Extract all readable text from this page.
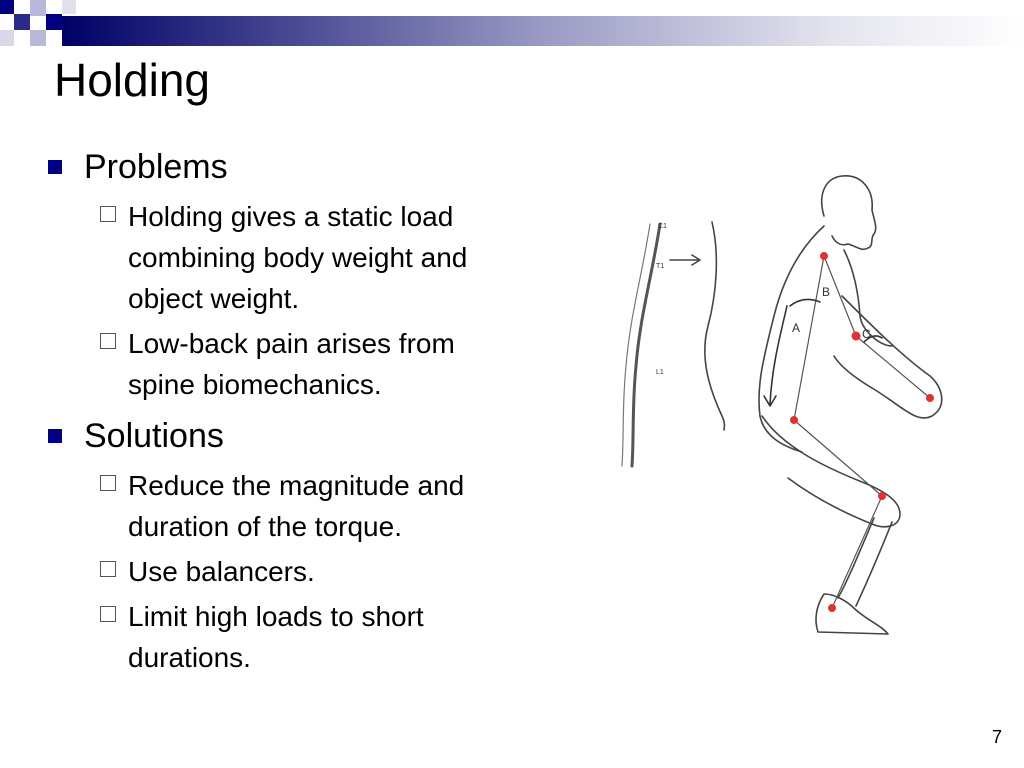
Holding
Problems
Holding gives a static load
combining body weight and
object weight.
Low-back pain arises from
spine biomechanics.
Solutions
Reduce the magnitude and
duration of the torque.
Use balancers.
Limit high loads to short
durations.
A
B
C
C1
T1
L1
7
